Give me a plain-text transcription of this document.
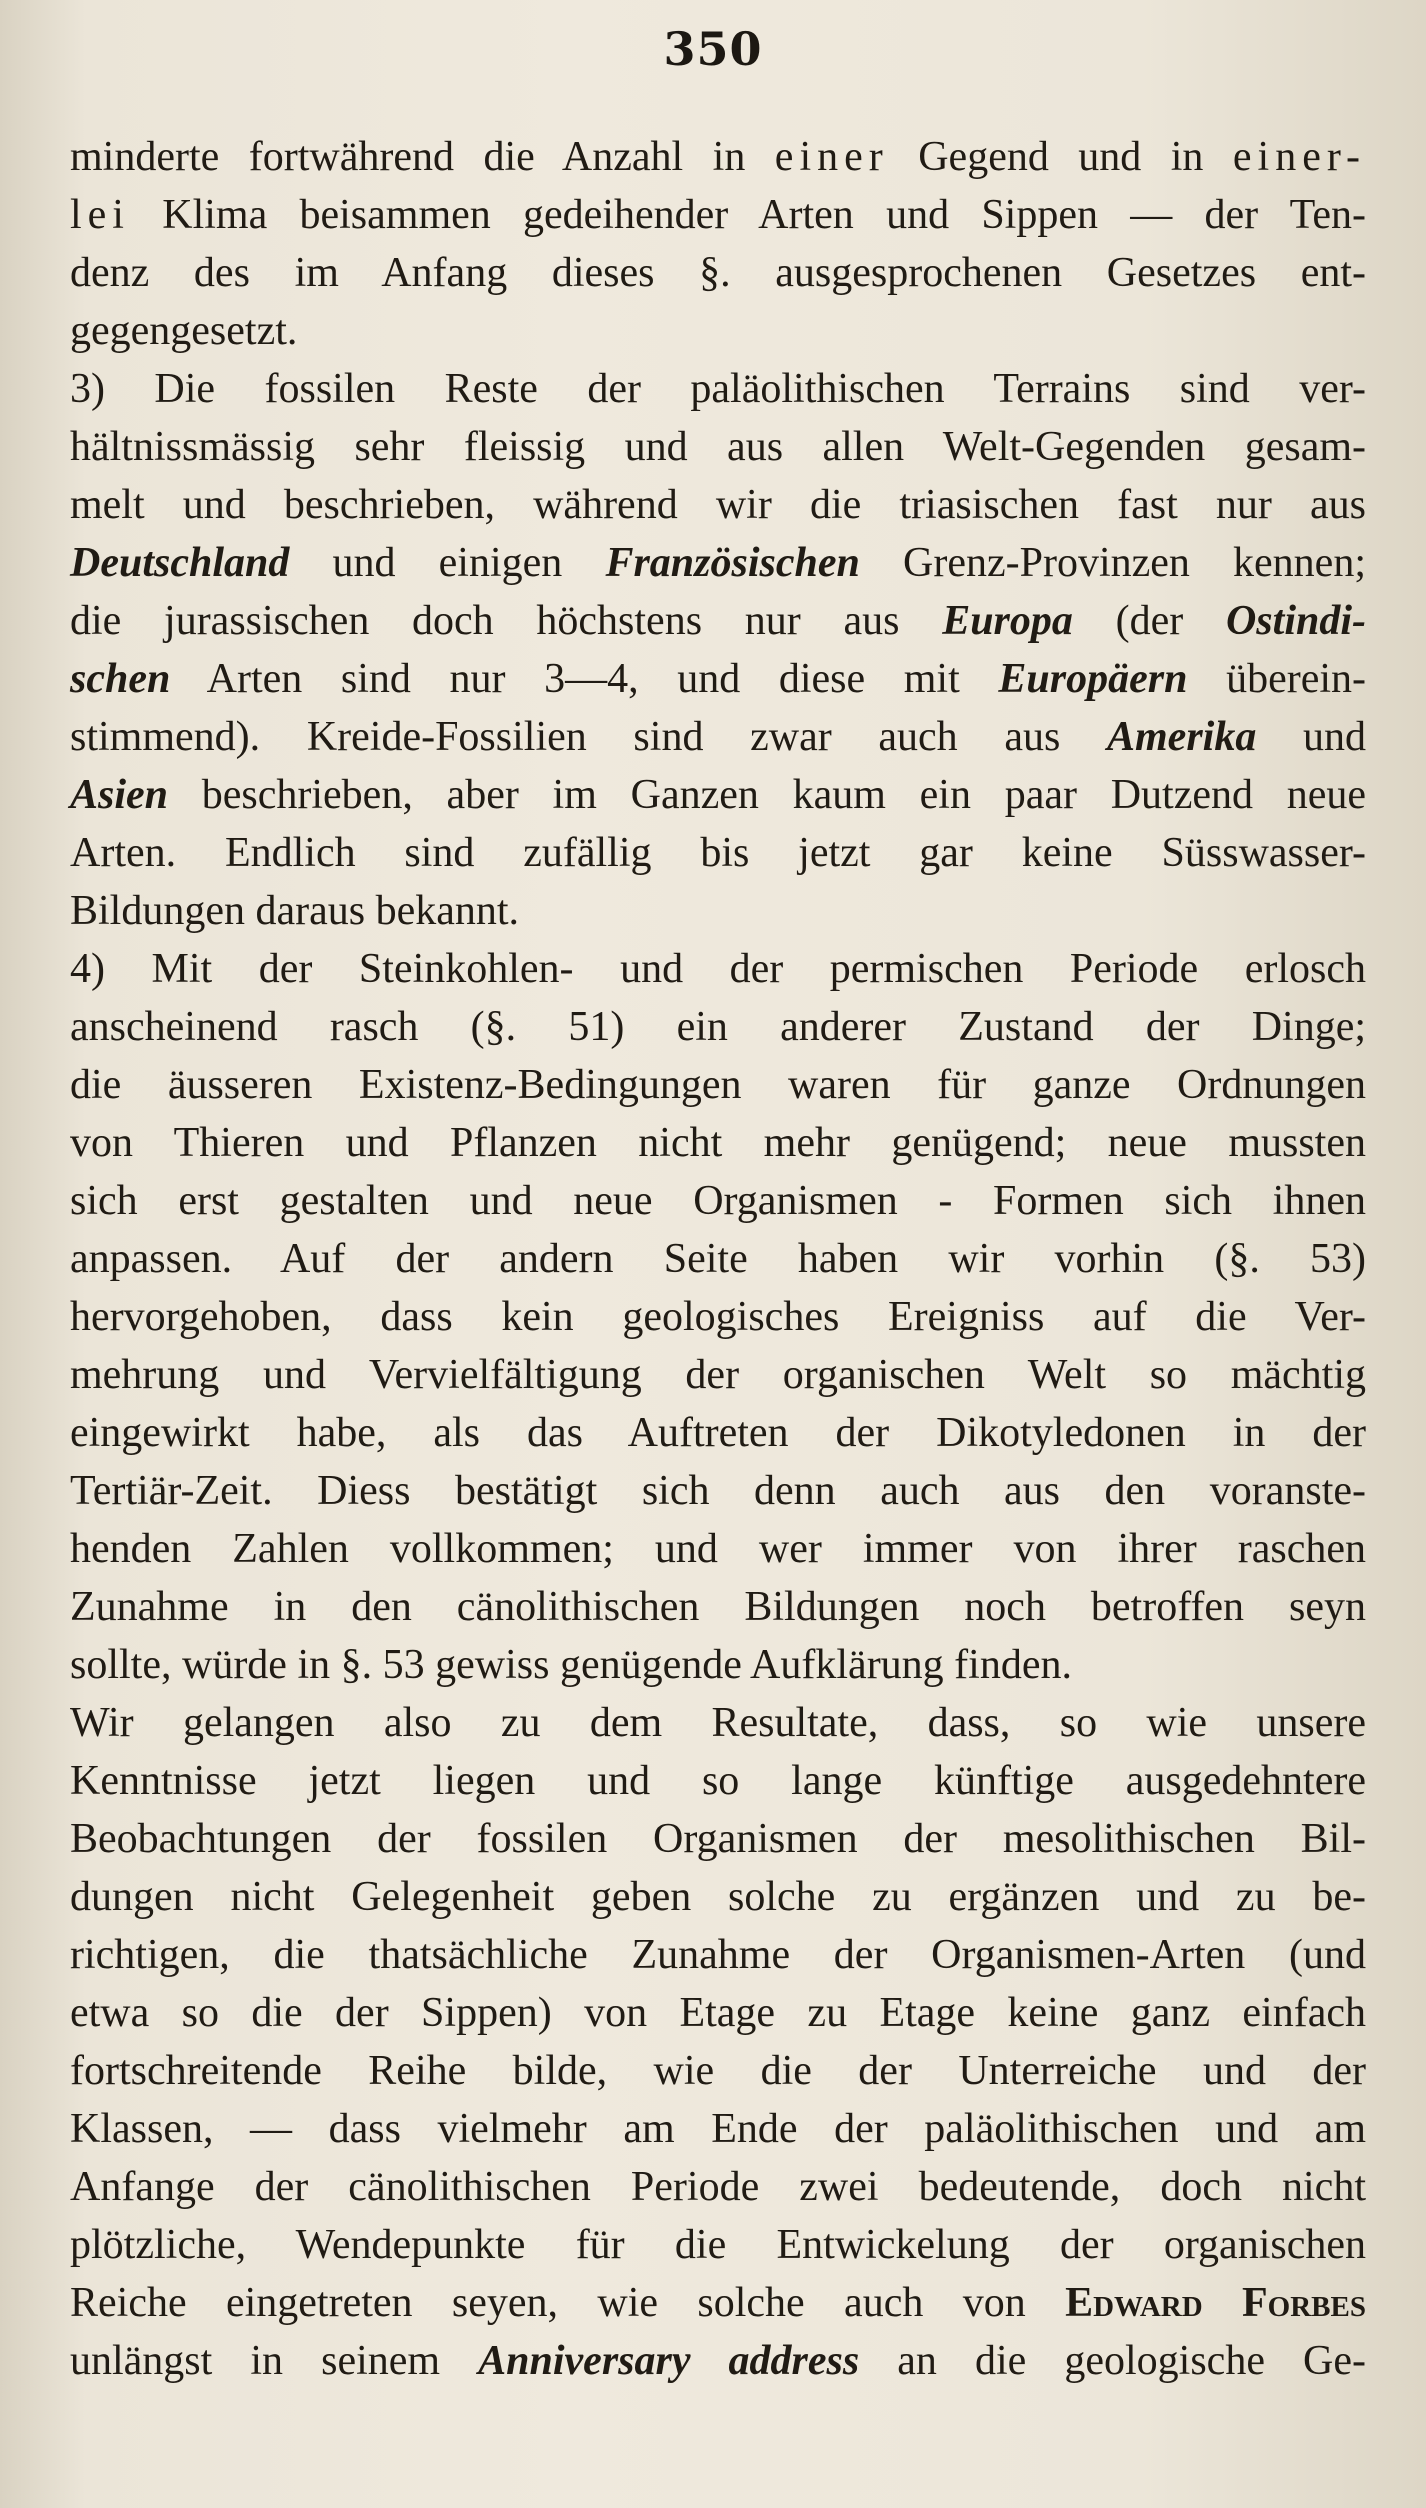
350
minderte fortwährend die Anzahl in einer Gegend und in einer-
lei Klima beisammen gedeihender Arten und Sippen — der Ten-
denz des im Anfang dieses §. ausgesprochenen Gesetzes ent-
gegengesetzt.
3) Die fossilen Reste der paläolithischen Terrains sind ver-
hältnissmässig sehr fleissig und aus allen Welt-Gegenden gesam-
melt und beschrieben, während wir die triasischen fast nur aus
Deutschland und einigen Französischen Grenz-Provinzen kennen;
die jurassischen doch höchstens nur aus Europa (der Ostindi-
schen Arten sind nur 3—4, und diese mit Europäern überein-
stimmend). Kreide-Fossilien sind zwar auch aus Amerika und
Asien beschrieben, aber im Ganzen kaum ein paar Dutzend neue
Arten. Endlich sind zufällig bis jetzt gar keine Süsswasser-
Bildungen daraus bekannt.
4) Mit der Steinkohlen- und der permischen Periode erlosch
anscheinend rasch (§. 51) ein anderer Zustand der Dinge;
die äusseren Existenz-Bedingungen waren für ganze Ordnungen
von Thieren und Pflanzen nicht mehr genügend; neue mussten
sich erst gestalten und neue Organismen - Formen sich ihnen
anpassen. Auf der andern Seite haben wir vorhin (§. 53)
hervorgehoben, dass kein geologisches Ereigniss auf die Ver-
mehrung und Vervielfältigung der organischen Welt so mächtig
eingewirkt habe, als das Auftreten der Dikotyledonen in der
Tertiär-Zeit. Diess bestätigt sich denn auch aus den voranste-
henden Zahlen vollkommen; und wer immer von ihrer raschen
Zunahme in den cänolithischen Bildungen noch betroffen seyn
sollte, würde in §. 53 gewiss genügende Aufklärung finden.
Wir gelangen also zu dem Resultate, dass, so wie unsere
Kenntnisse jetzt liegen und so lange künftige ausgedehntere
Beobachtungen der fossilen Organismen der mesolithischen Bil-
dungen nicht Gelegenheit geben solche zu ergänzen und zu be-
richtigen, die thatsächliche Zunahme der Organismen-Arten (und
etwa so die der Sippen) von Etage zu Etage keine ganz einfach
fortschreitende Reihe bilde, wie die der Unterreiche und der
Klassen, — dass vielmehr am Ende der paläolithischen und am
Anfange der cänolithischen Periode zwei bedeutende, doch nicht
plötzliche, Wendepunkte für die Entwickelung der organischen
Reiche eingetreten seyen, wie solche auch von Edward Forbes
unlängst in seinem Anniversary address an die geologische Ge-
